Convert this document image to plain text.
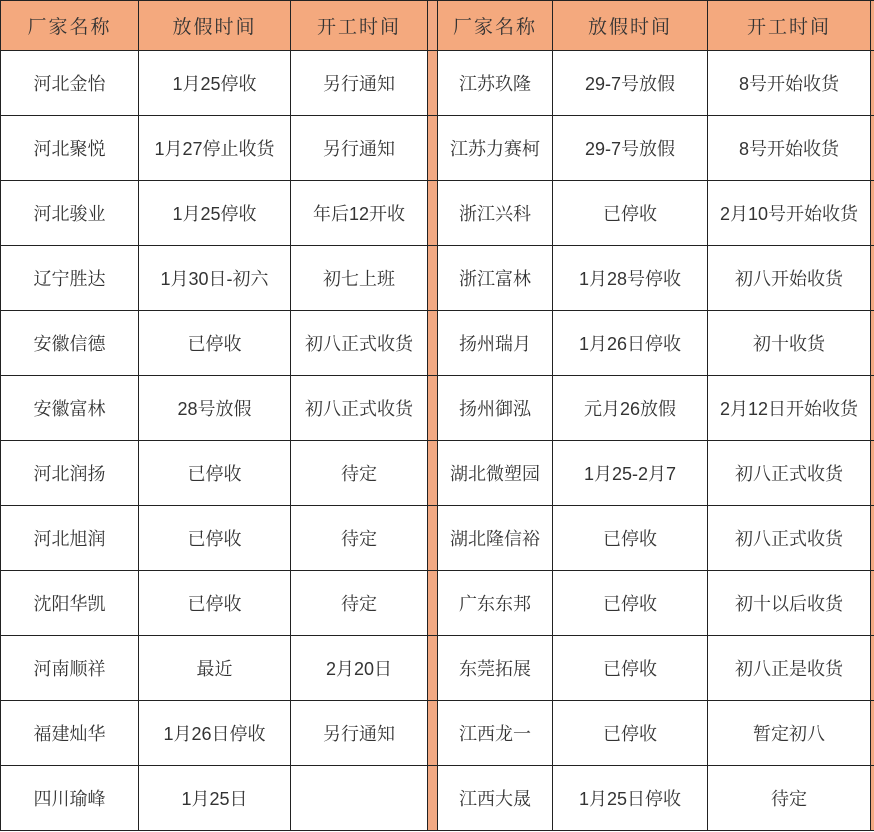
厂家名称	放假时间	开工时间		厂家名称	放假时间	开工时间	
河北金怡	1月25停收	另行通知		江苏玖隆	29-7号放假	8号开始收货	
河北聚悦	1月27停止收货	另行通知		江苏力赛柯	29-7号放假	8号开始收货	
河北骏业	1月25停收	年后12开收		浙江兴科	已停收	2月10号开始收货	
辽宁胜达	1月30日-初六	初七上班		浙江富林	1月28号停收	初八开始收货	
安徽信德	已停收	初八正式收货		扬州瑞月	1月26日停收	初十收货	
安徽富林	28号放假	初八正式收货		扬州御泓	元月26放假	2月12日开始收货	
河北润扬	已停收	待定		湖北微塑园	1月25-2月7	初八正式收货	
河北旭润	已停收	待定		湖北隆信裕	已停收	初八正式收货	
沈阳华凯	已停收	待定		广东东邦	已停收	初十以后收货	
河南顺祥	最近	2月20日		东莞拓展	已停收	初八正是收货	
福建灿华	1月26日停收	另行通知		江西龙一	已停收	暂定初八	
四川瑜峰	1月25日			江西大晟	1月25日停收	待定	
